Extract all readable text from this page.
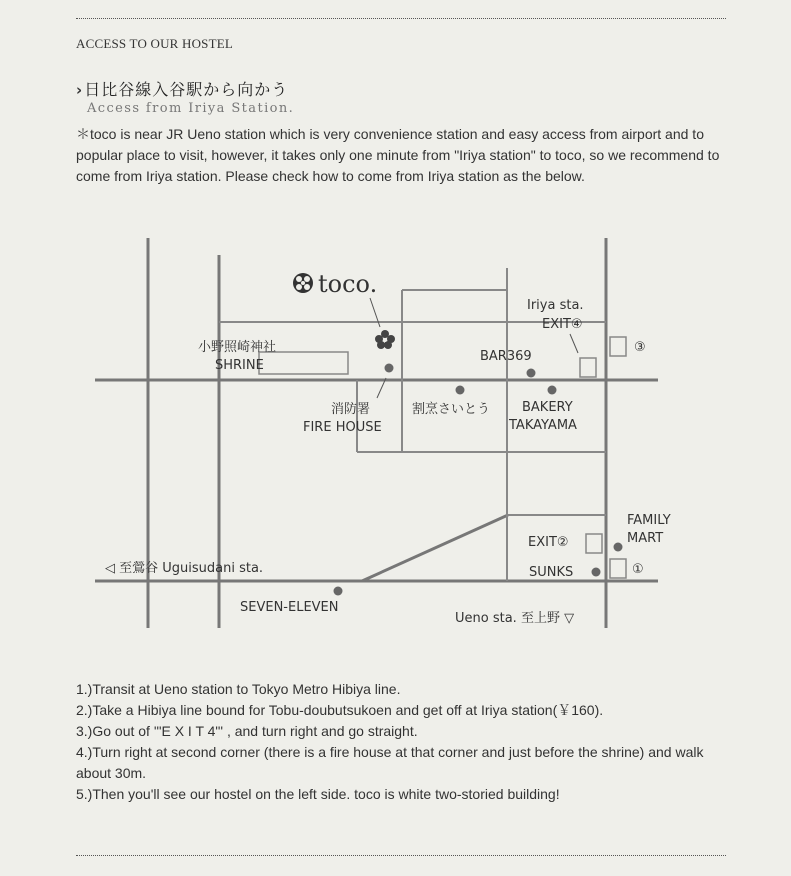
ACCESS TO OUR HOSTEL
› 日比谷線入谷駅から向かう
Access from Iriya Station.
＊toco is near JR Ueno station which is very convenience station and easy access from airport and to popular place to visit, however, it takes only one minute from "Iriya station" to toco, so we recommend to come from Iriya station. Please check how to come from Iriya station as the below.
toco.
小野照崎神社
SHRINE
消防署
FIRE HOUSE
割烹さいとう BAKERY
TAKAYAMA
BAR369
Iriya sta.
EXIT④
③
FAMILY
MART
EXIT②
SUNKS	①
◁ 至鶯谷 Uguisudani sta.
SEVEN-ELEVEN
Ueno sta. 至上野 ▽
1.)Transit at Ueno station to Tokyo Metro Hibiya line.
2.)Take a Hibiya line bound for Tobu-doubutsukoen and get off at Iriya station(￥160).
3.)Go out of '"E X I T 4"' , and turn right and go straight.
4.)Turn right at second corner (there is a fire house at that corner and just before the shrine) and walk about 30m.
5.)Then you'll see our hostel on the left side. toco is white two-storied building!
